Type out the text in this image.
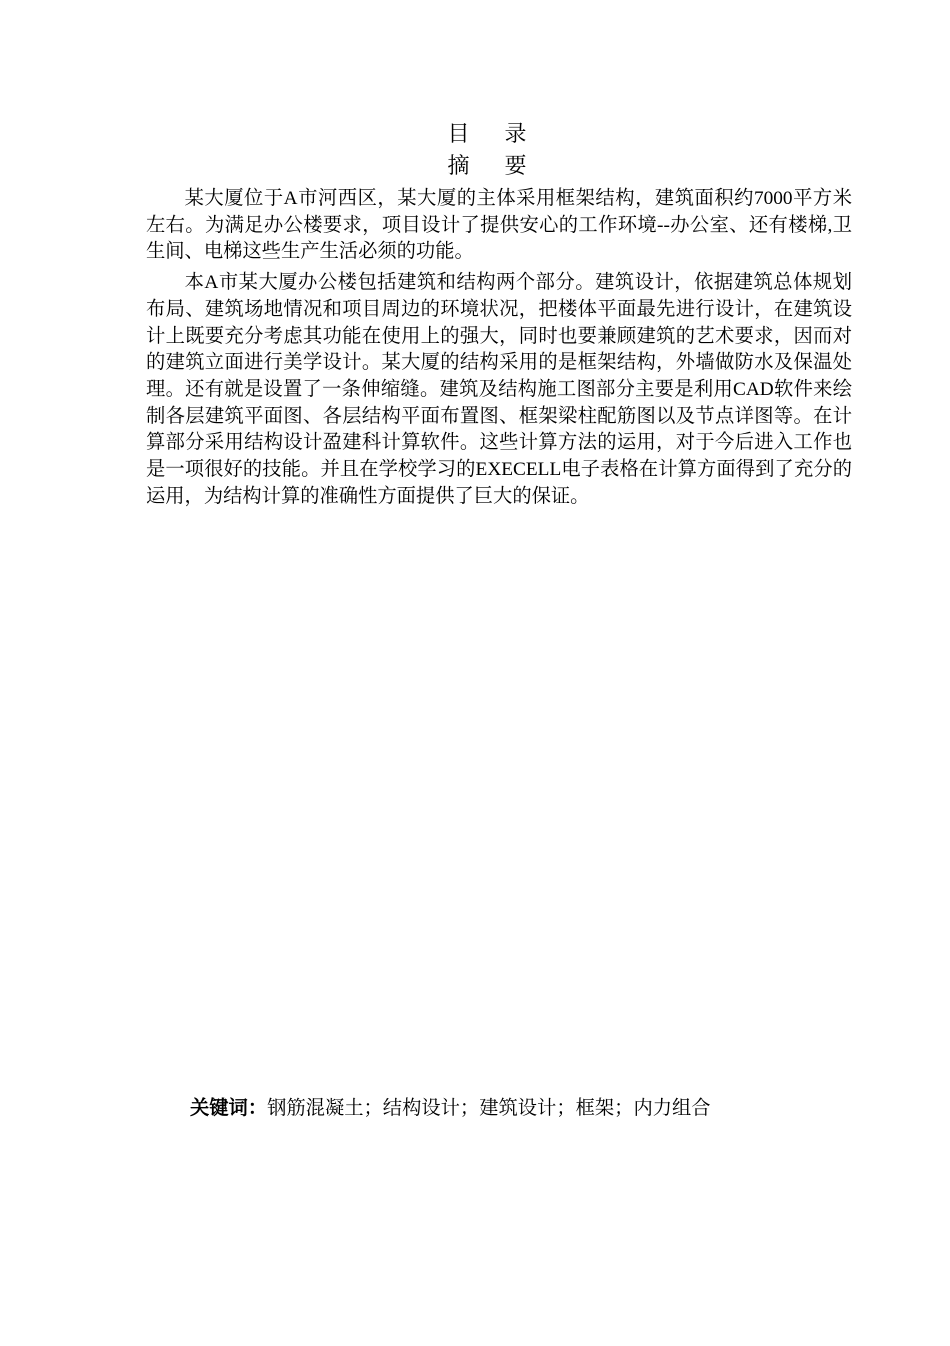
目 录
摘 要

某大厦位于A市河西区，某大厦的主体采用框架结构，建筑面积约7000平方米左右。为满足办公楼要求，项目设计了提供安心的工作环境--办公室、还有楼梯,卫生间、电梯这些生产生活必须的功能。

本A市某大厦办公楼包括建筑和结构两个部分。建筑设计，依据建筑总体规划布局、建筑场地情况和项目周边的环境状况，把楼体平面最先进行设计，在建筑设计上既要充分考虑其功能在使用上的强大，同时也要兼顾建筑的艺术要求，因而对的建筑立面进行美学设计。某大厦的结构采用的是框架结构，外墙做防水及保温处理。还有就是设置了一条伸缩缝。建筑及结构施工图部分主要是利用CAD软件来绘制各层建筑平面图、各层结构平面布置图、框架梁柱配筋图以及节点详图等。在计算部分采用结构设计盈建科计算软件。这些计算方法的运用，对于今后进入工作也是一项很好的技能。并且在学校学习的EXECELL电子表格在计算方面得到了充分的运用，为结构计算的准确性方面提供了巨大的保证。

关键词：钢筋混凝土；结构设计；建筑设计；框架；内力组合
